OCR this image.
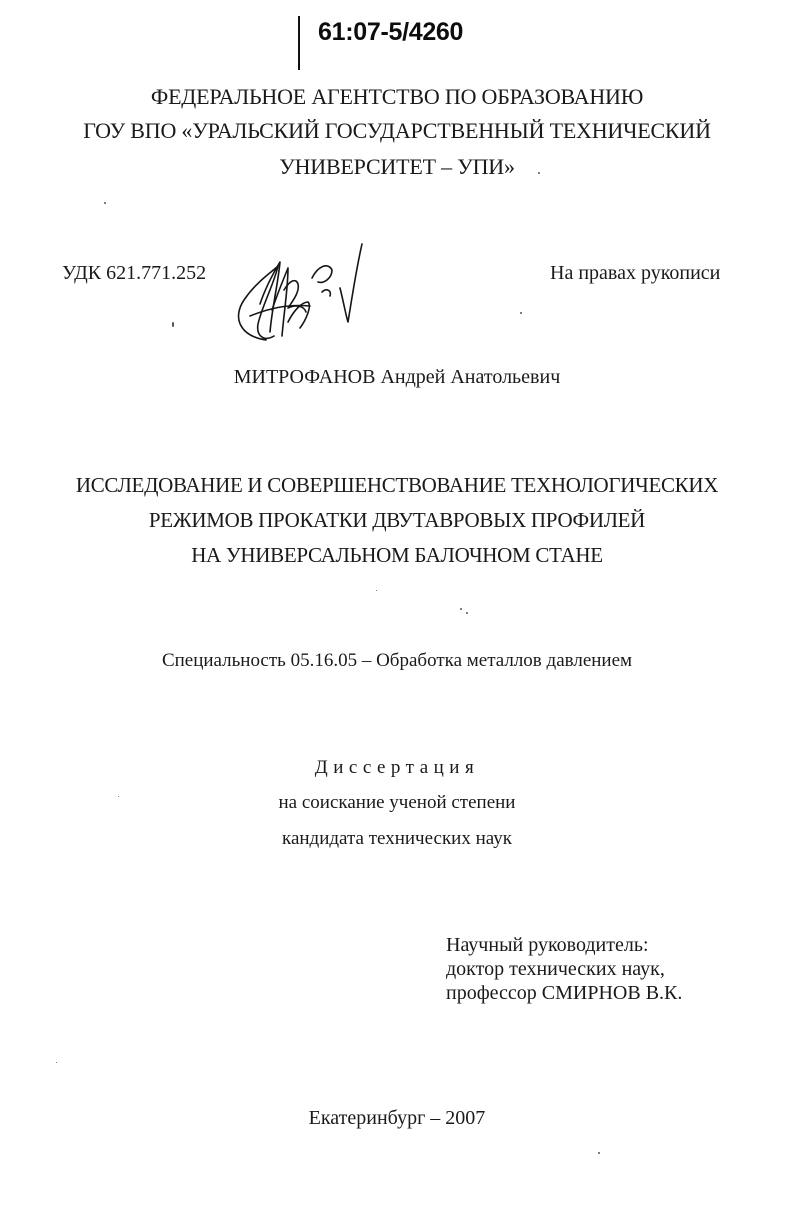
61:07-5/4260
ФЕДЕРАЛЬНОЕ АГЕНТСТВО ПО ОБРАЗОВАНИЮ
ГОУ ВПО «УРАЛЬСКИЙ ГОСУДАРСТВЕННЫЙ ТЕХНИЧЕСКИЙ
УНИВЕРСИТЕТ – УПИ»
УДК 621.771.252	На правах рукописи
МИТРОФАНОВ Андрей Анатольевич
ИССЛЕДОВАНИЕ И СОВЕРШЕНСТВОВАНИЕ ТЕХНОЛОГИЧЕСКИХ
РЕЖИМОВ ПРОКАТКИ ДВУТАВРОВЫХ ПРОФИЛЕЙ
НА УНИВЕРСАЛЬНОМ БАЛОЧНОМ СТАНЕ
Специальность 05.16.05 – Обработка металлов давлением
Диссертация
на соискание ученой степени
кандидата технических наук
Научный руководитель:
доктор технических наук,
профессор СМИРНОВ В.К.
Екатеринбург – 2007
